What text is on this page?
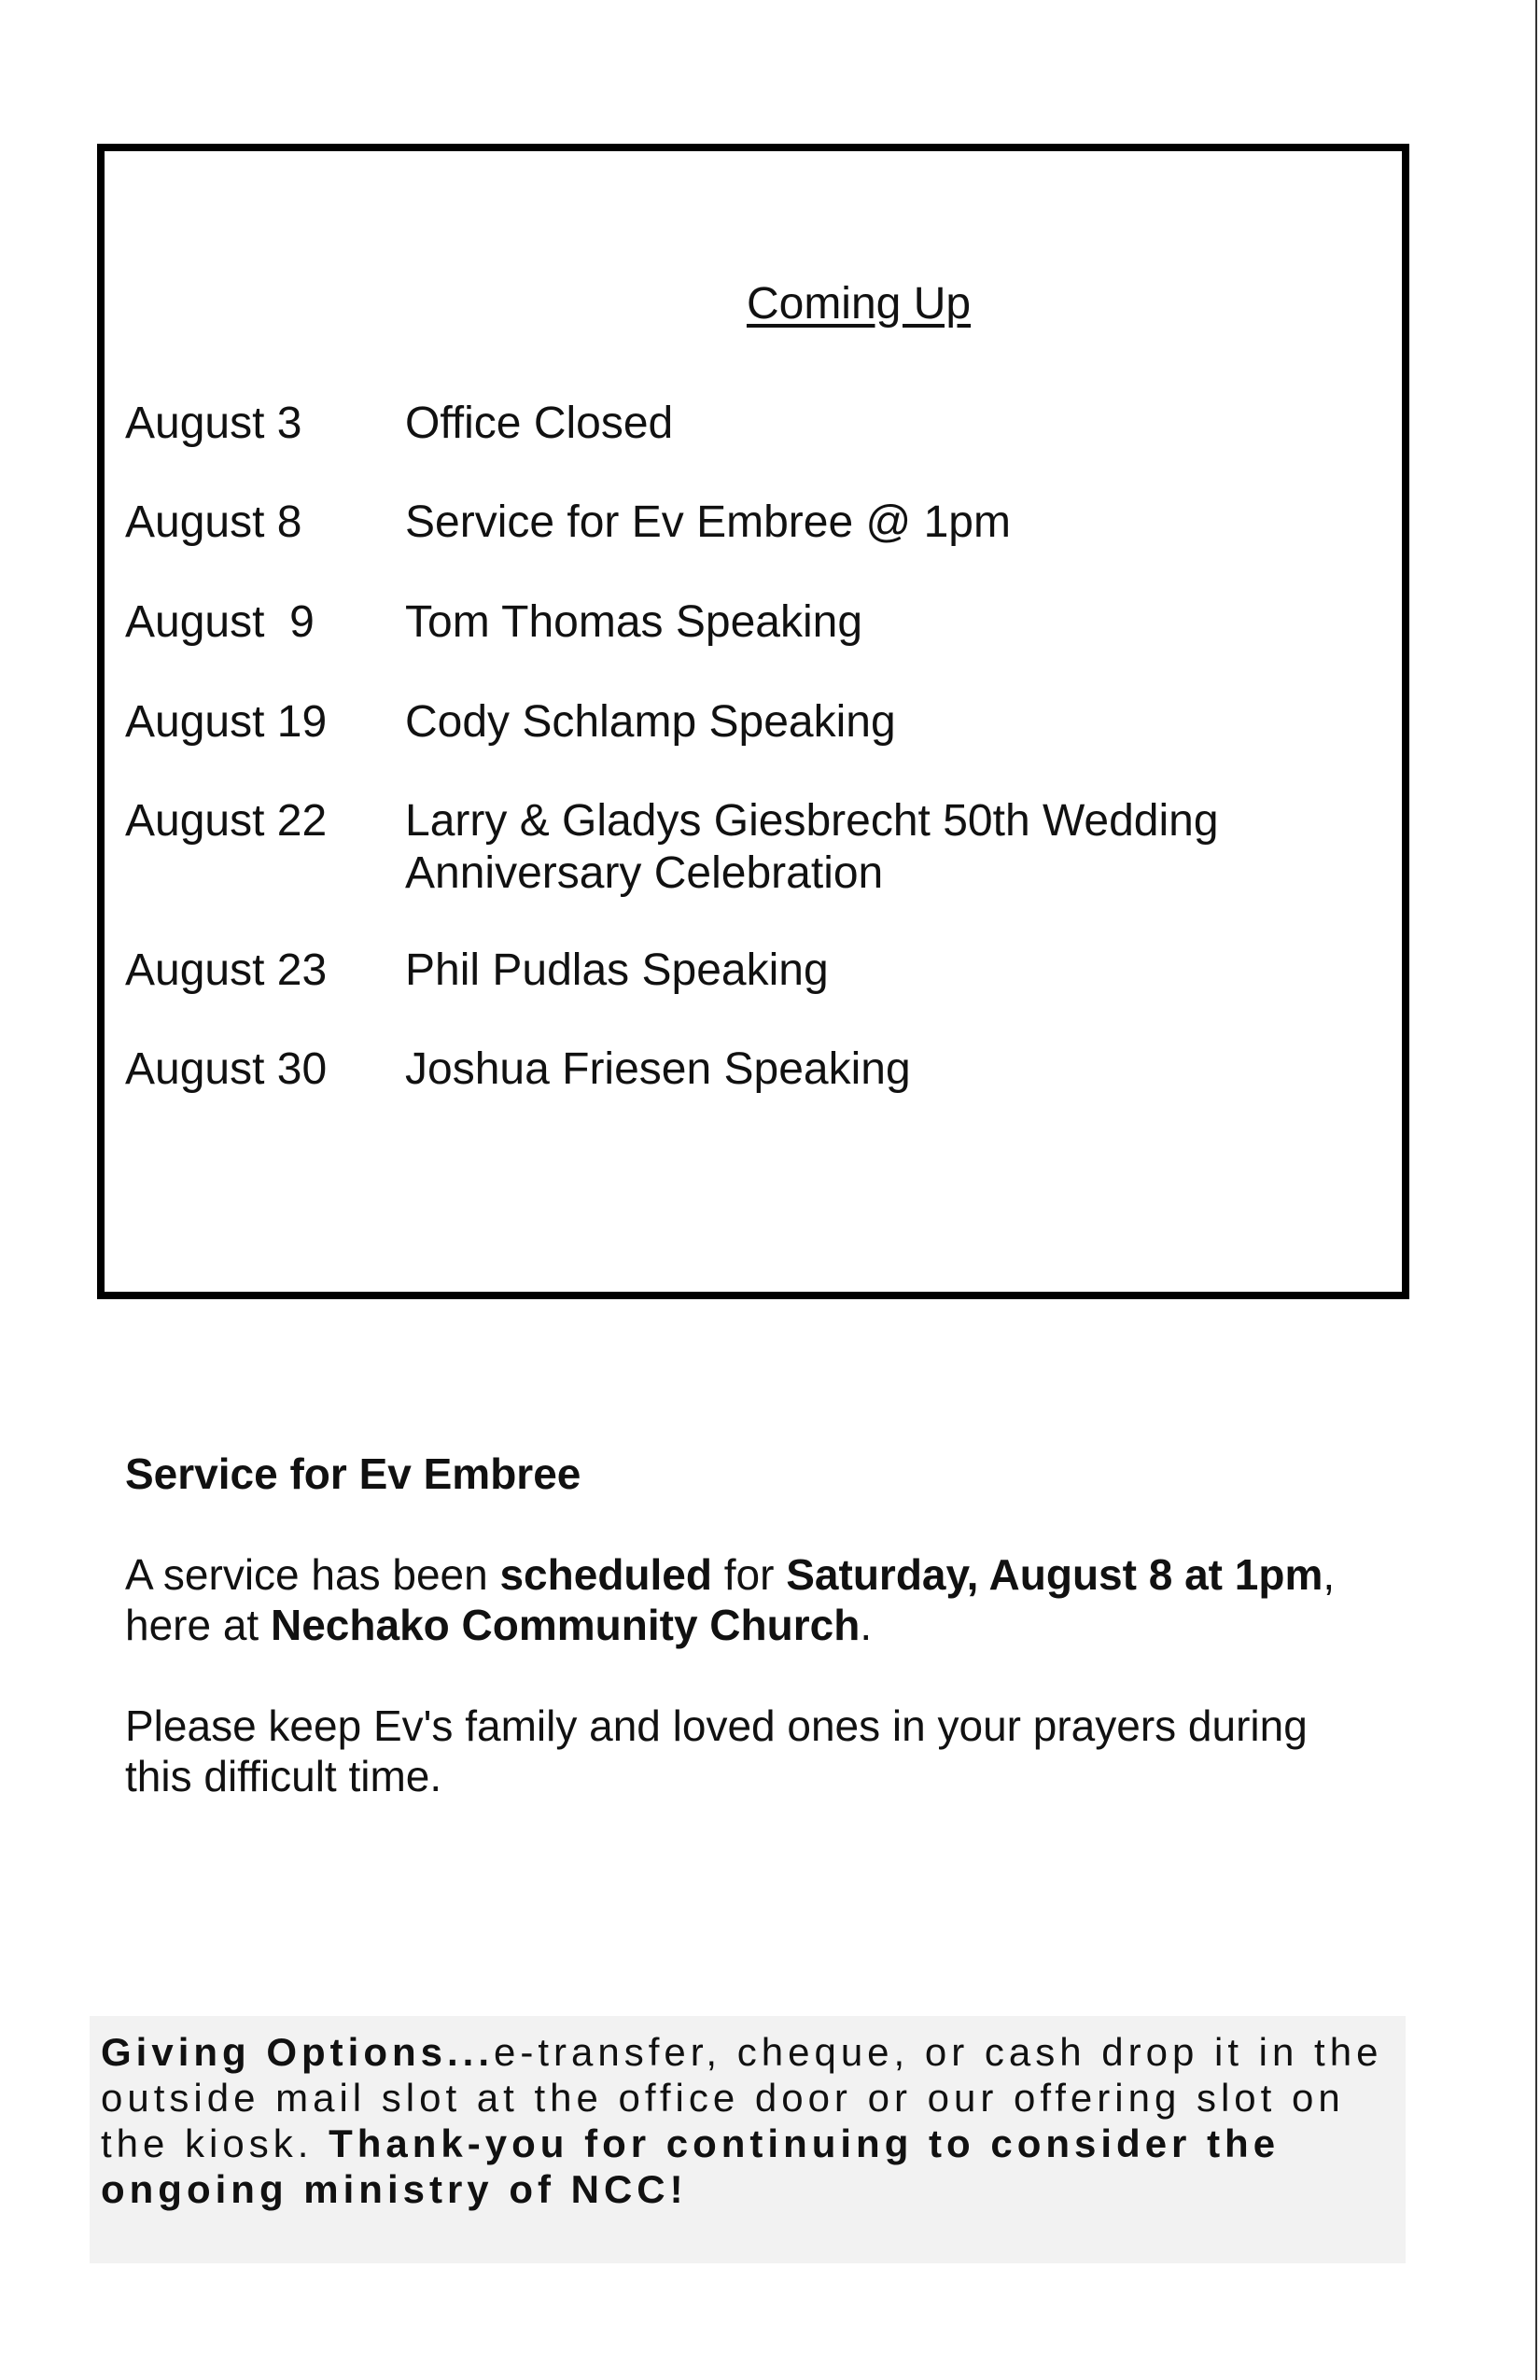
Coming Up
August 3	Office Closed
August 8	Service for Ev Embree @ 1pm
August  9	Tom Thomas Speaking
August 19	Cody Schlamp Speaking
August 22	Larry & Gladys Giesbrecht 50th Wedding Anniversary Celebration
August 23	Phil Pudlas Speaking
August 30	Joshua Friesen Speaking

Service for Ev Embree

A service has been scheduled for Saturday, August 8 at 1pm, here at Nechako Community Church.

Please keep Ev's family and loved ones in your prayers during this difficult time.

Giving Options...e-transfer, cheque, or cash drop it in the outside mail slot at the office door or our offering slot on the kiosk. Thank-you for continuing to consider the ongoing ministry of NCC!
